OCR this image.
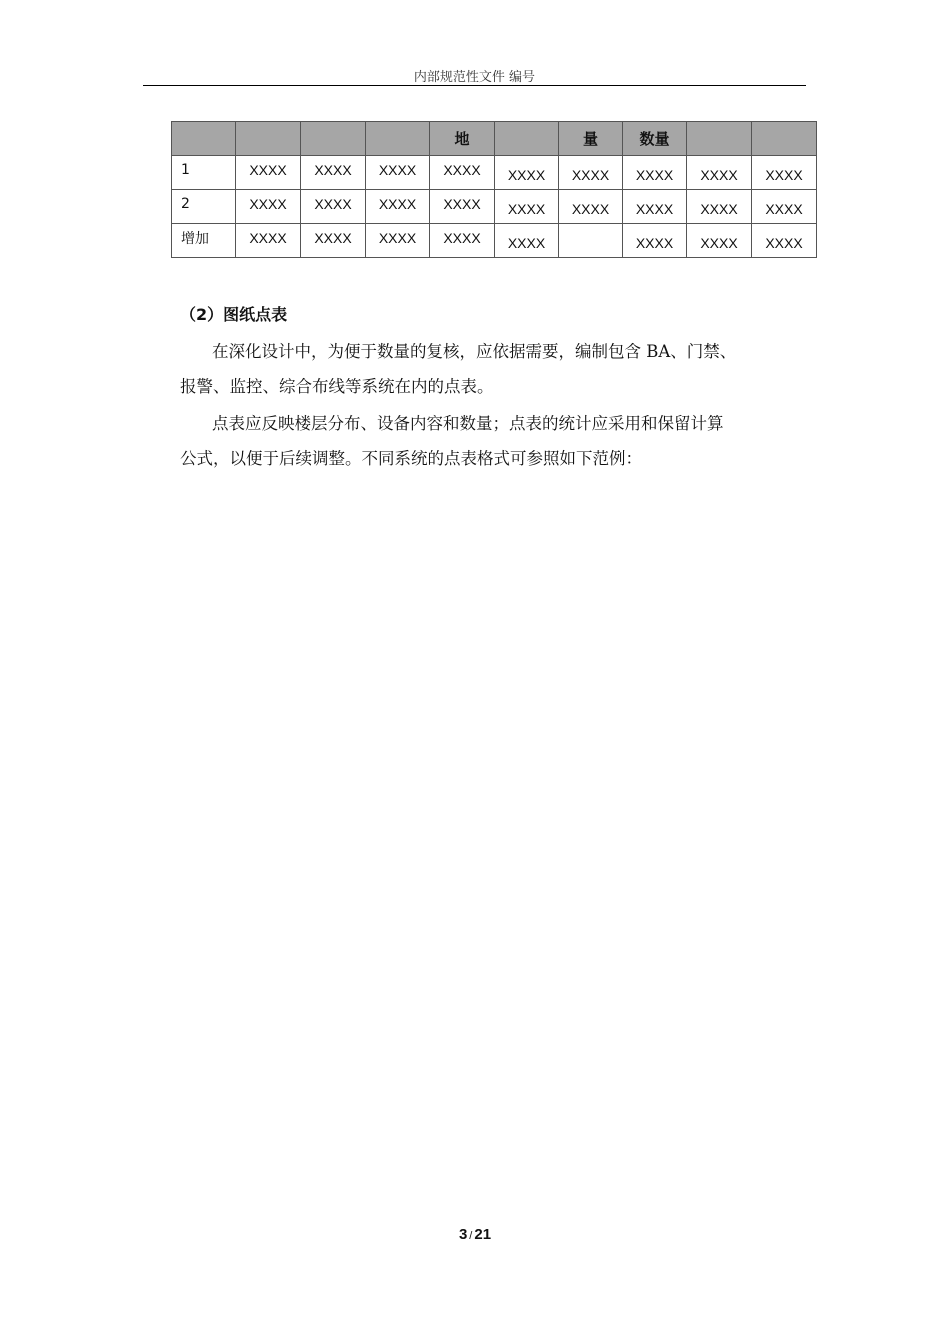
内部规范性文件 编号
				地		量	数量		
1	XXXX	XXXX	XXXX	XXXX	XXXX	XXXX	XXXX	XXXX	XXXX
2	XXXX	XXXX	XXXX	XXXX	XXXX	XXXX	XXXX	XXXX	XXXX
增加	XXXX	XXXX	XXXX	XXXX	XXXX		XXXX	XXXX	XXXX
（2）图纸点表

在深化设计中，为便于数量的复核，应依据需要，编制包含 BA、门禁、
报警、监控、综合布线等系统在内的点表。

点表应反映楼层分布、设备内容和数量；点表的统计应采用和保留计算
公式，以便于后续调整。不同系统的点表格式可参照如下范例：

3 / 21
